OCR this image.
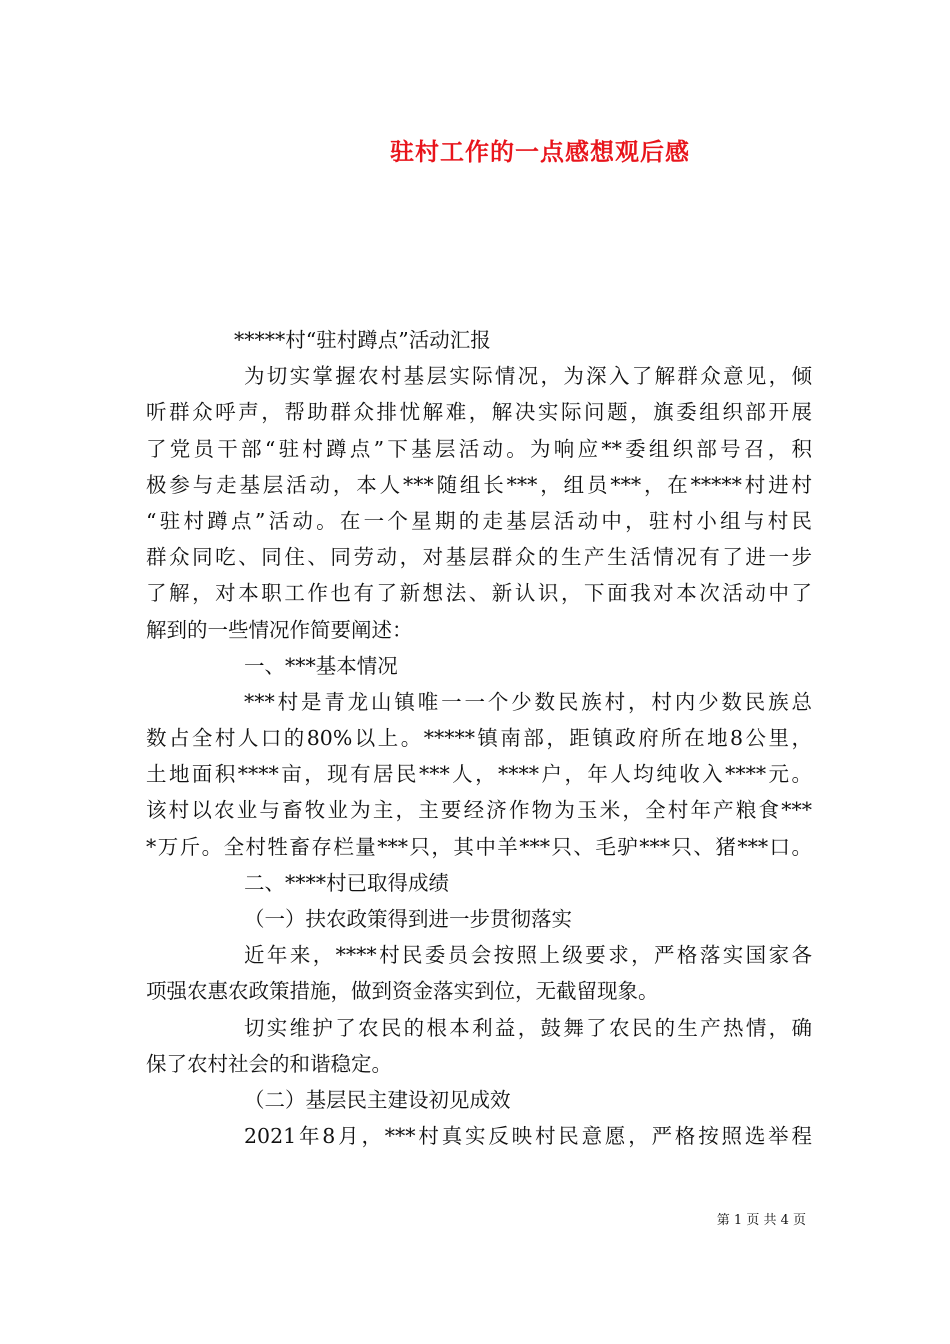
驻村工作的一点感想观后感
*****村“驻村蹲点”活动汇报
为切实掌握农村基层实际情况，为深入了解群众意见，倾
听群众呼声，帮助群众排忧解难，解决实际问题，旗委组织部开展
了党员干部“驻村蹲点”下基层活动。为响应**委组织部号召，积
极参与走基层活动，本人***随组长***，组员***，在*****村进村
“驻村蹲点”活动。在一个星期的走基层活动中，驻村小组与村民
群众同吃、同住、同劳动，对基层群众的生产生活情况有了进一步
了解，对本职工作也有了新想法、新认识，下面我对本次活动中了
解到的一些情况作简要阐述：
一、***基本情况
***村是青龙山镇唯一一个少数民族村，村内少数民族总
数占全村人口的80%以上。*****镇南部，距镇政府所在地8公里，
土地面积****亩，现有居民***人，****户，年人均纯收入****元。
该村以农业与畜牧业为主，主要经济作物为玉米，全村年产粮食***
*万斤。全村牲畜存栏量***只，其中羊***只、毛驴***只、猪***口。
二、****村已取得成绩
（一）扶农政策得到进一步贯彻落实
近年来，****村民委员会按照上级要求，严格落实国家各
项强农惠农政策措施，做到资金落实到位，无截留现象。
切实维护了农民的根本利益，鼓舞了农民的生产热情，确
保了农村社会的和谐稳定。
（二）基层民主建设初见成效
2021年8月，***村真实反映村民意愿，严格按照选举程
第 1 页 共 4 页
